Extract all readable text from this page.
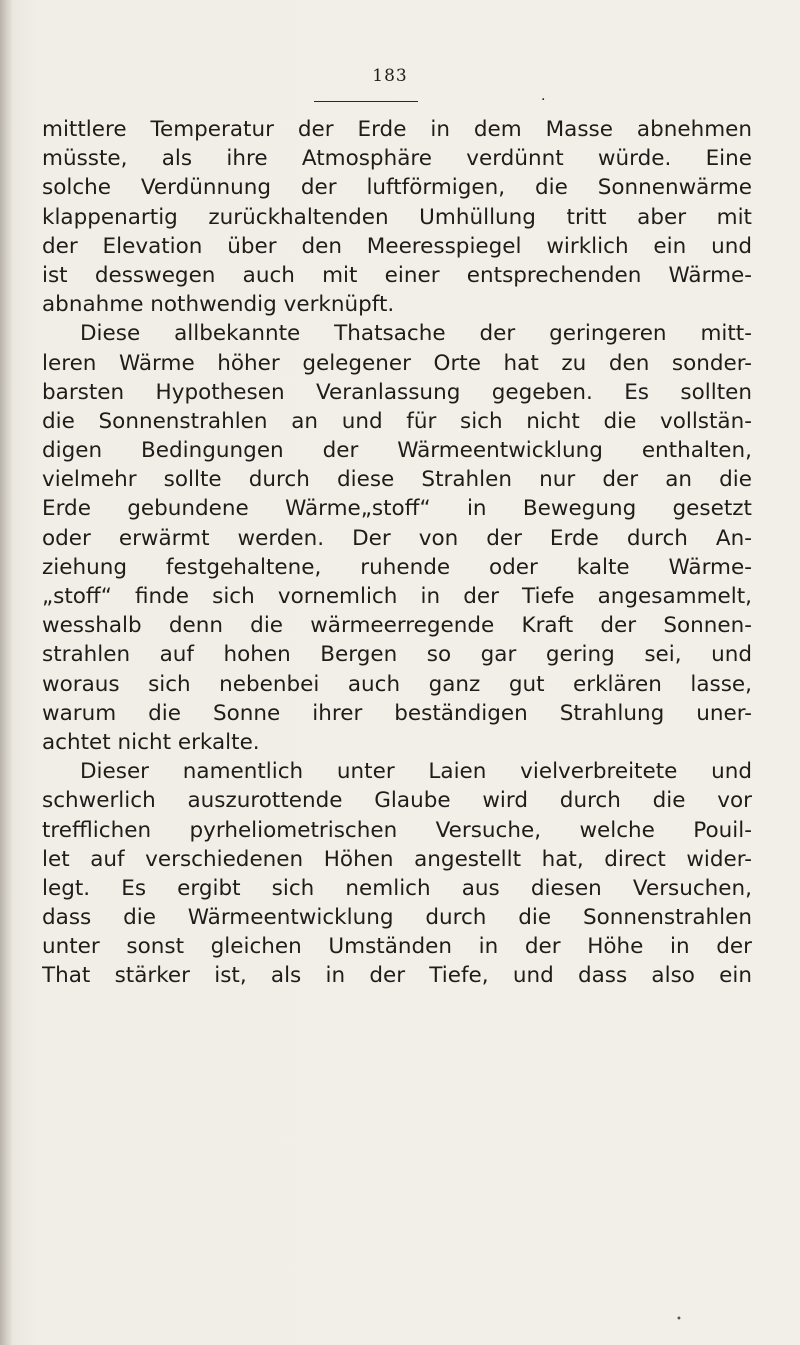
183
.
mittlere Temperatur der Erde in dem Masse abnehmen
müsste, als ihre Atmosphäre verdünnt würde. Eine
solche Verdünnung der luftförmigen, die Sonnenwärme
klappenartig zurückhaltenden Umhüllung tritt aber mit
der Elevation über den Meeresspiegel wirklich ein und
ist desswegen auch mit einer entsprechenden Wärme-
abnahme nothwendig verknüpft.
Diese allbekannte Thatsache der geringeren mitt-
leren Wärme höher gelegener Orte hat zu den sonder-
barsten Hypothesen Veranlassung gegeben. Es sollten
die Sonnenstrahlen an und für sich nicht die vollstän-
digen Bedingungen der Wärmeentwicklung enthalten,
vielmehr sollte durch diese Strahlen nur der an die
Erde gebundene Wärme„stoff“ in Bewegung gesetzt
oder erwärmt werden. Der von der Erde durch An-
ziehung festgehaltene, ruhende oder kalte Wärme-
„stoff“ finde sich vornemlich in der Tiefe angesammelt,
wesshalb denn die wärmeerregende Kraft der Sonnen-
strahlen auf hohen Bergen so gar gering sei, und
woraus sich nebenbei auch ganz gut erklären lasse,
warum die Sonne ihrer beständigen Strahlung uner-
achtet nicht erkalte.
Dieser namentlich unter Laien vielverbreitete und
schwerlich auszurottende Glaube wird durch die vor
trefflichen pyrheliometrischen Versuche, welche Pouil-
let auf verschiedenen Höhen angestellt hat, direct wider-
legt. Es ergibt sich nemlich aus diesen Versuchen,
dass die Wärmeentwicklung durch die Sonnenstrahlen
unter sonst gleichen Umständen in der Höhe in der
That stärker ist, als in der Tiefe, und dass also ein
•
